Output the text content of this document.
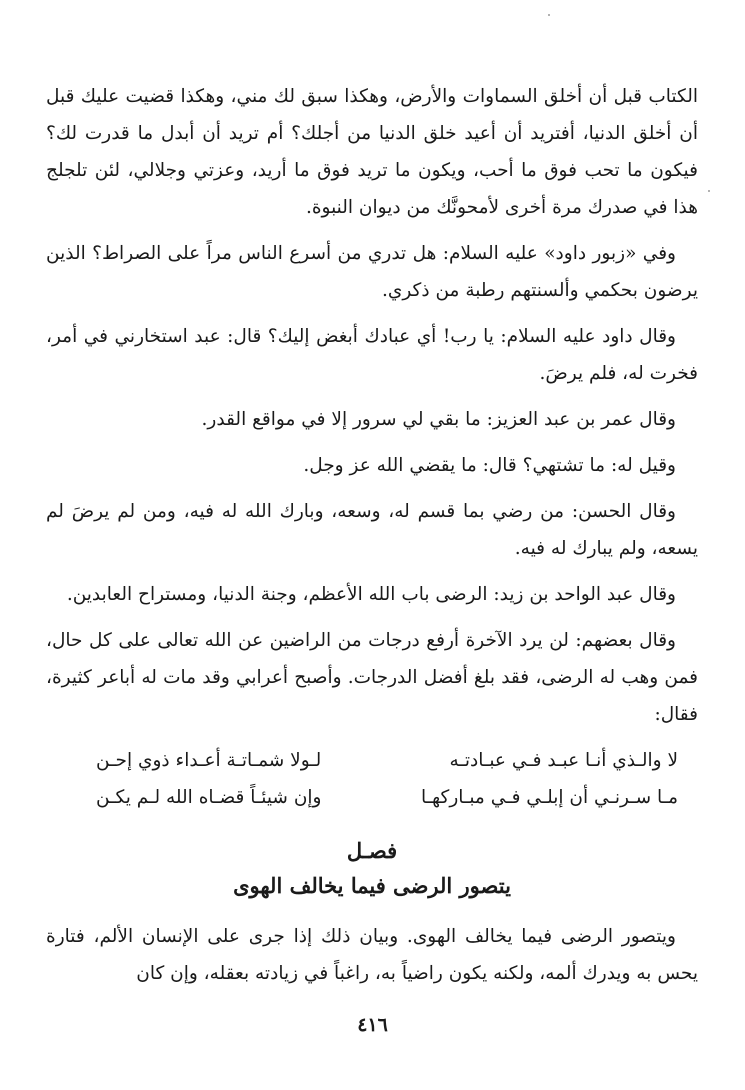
الكتاب قبل أن أخلق السماوات والأرض، وهكذا سبق لك مني، وهكذا قضيت عليك قبل أن أخلق الدنيا، أفتريد أن أعيد خلق الدنيا من أجلك؟ أم تريد أن أبدل ما قدرت لك؟ فيكون ما تحب فوق ما أحب، ويكون ما تريد فوق ما أريد، وعزتي وجلالي، لئن تلجلج هذا في صدرك مرة أخرى لأمحونَّك من ديوان النبوة.

وفي «زبور داود» عليه السلام: هل تدري من أسرع الناس مراً على الصراط؟ الذين يرضون بحكمي وألسنتهم رطبة من ذكري.

وقال داود عليه السلام: يا رب! أي عبادك أبغض إليك؟ قال: عبد استخارني في أمر، فخرت له، فلم يرضَ.

وقال عمر بن عبد العزيز: ما بقي لي سرور إلا في مواقع القدر.

وقيل له: ما تشتهي؟ قال: ما يقضي الله عز وجل.

وقال الحسن: من رضي بما قسم له، وسعه، وبارك الله له فيه، ومن لم يرضَ لم يسعه، ولم يبارك له فيه.

وقال عبد الواحد بن زيد: الرضى باب الله الأعظم، وجنة الدنيا، ومستراح العابدين.

وقال بعضهم: لن يرد الآخرة أرفع درجات من الراضين عن الله تعالى على كل حال، فمن وهب له الرضى، فقد بلغ أفضل الدرجات. وأصبح أعرابي وقد مات له أباعر كثيرة، فقال:

لا والـذي أنـا عبـد فـي عبـادتـه
لـولا شمـاتـة أعـداء ذوي إحـن
مـا سـرنـي أن إبلـي فـي مبـاركهـا
وإن شيئـاً قضـاه الله لـم يكـن
فصـل
يتصور الرضى فيما يخالف الهوى

ويتصور الرضى فيما يخالف الهوى. وبيان ذلك إذا جرى على الإنسان الألم، فتارة يحس به ويدرك ألمه، ولكنه يكون راضياً به، راغباً في زيادته بعقله، وإن كان

٤١٦
